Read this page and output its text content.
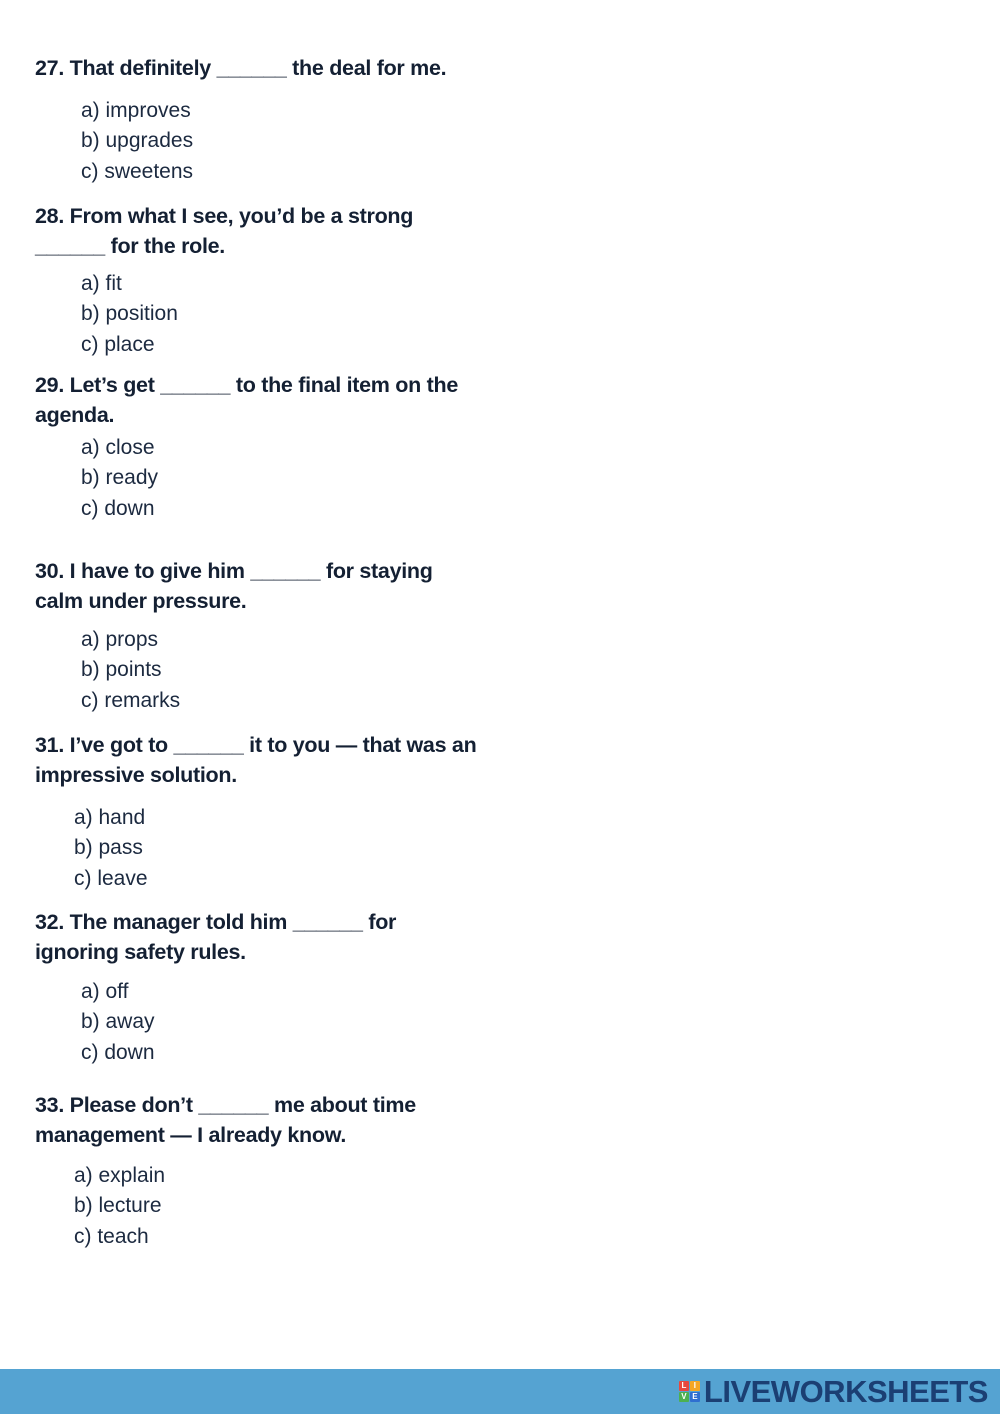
27. That definitely ______ the deal for me.

a) improves
b) upgrades
c) sweetens

28. From what I see, you’d be a strong ______ for the role.

a) fit
b) position
c) place

29. Let’s get ______ to the final item on the agenda.

a) close
b) ready
c) down

30. I have to give him ______ for staying calm under pressure.

a) props
b) points
c) remarks

31. I’ve got to ______ it to you — that was an impressive solution.

a) hand
b) pass
c) leave

32. The manager told him ______ for ignoring safety rules.

a) off
b) away
c) down

33. Please don’t ______ me about time management — I already know.

a) explain
b) lecture
c) teach
L I
V E LIVEWORKSHEETS
